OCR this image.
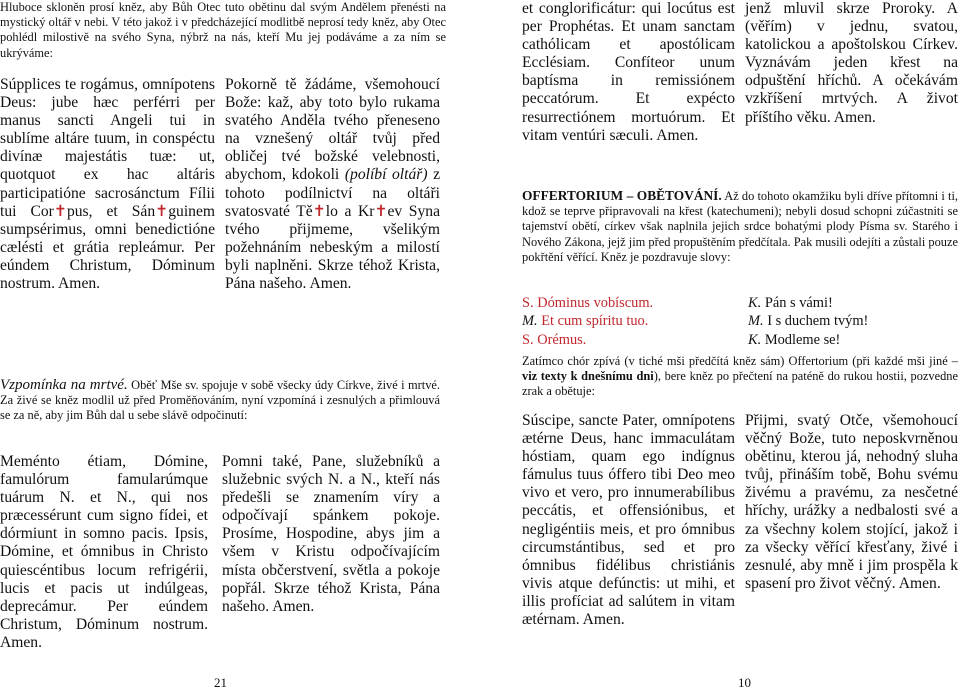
Hluboce skloněn prosí kněz, aby Bůh Otec tuto obětinu dal svým Andělem přenésti na mystický oltář v nebi. V této jakož i v předcházející modlitbě neprosí tedy kněz, aby Otec pohlédl milostivě na svého Syna, nýbrž na nás, kteří Mu jej podáváme a za ním se ukrýváme:

Súpplices te rogámus, omnípotens Deus: jube hæc perférri per manus sancti Angeli tui in sublíme altáre tuum, in conspéctu divínæ majestátis tuæ: ut, quotquot ex hac altáris participatióne sacrosánctum Fílii tui Cor✝pus, et Sán✝guinem sumpsérimus, omni benedictióne cælésti et grátia repleámur. Per eúndem Christum, Dóminum nostrum. Amen.
Pokorně tě žádáme, všemohoucí Bože: kaž, aby toto bylo rukama svatého Anděla tvého přeneseno na vznešený oltář tvůj před obličej tvé božské velebnosti, abychom, kdokoli (políbí oltář) z tohoto podílnictví na oltáři svatosvaté Tě✝lo a Kr✝ev Syna tvého přijmeme, všelikým požehnáním nebeským a milostí byli naplněni. Skrze téhož Krista, Pána našeho. Amen.

Vzpomínka na mrtvé. Oběť Mše sv. spojuje v sobě všecky údy Církve, živé i mrtvé. Za živé se kněz modlil už před Proměňováním, nyní vzpomíná i zesnulých a přimlouvá se za ně, aby jim Bůh dal u sebe slávě odpočinutí:

Meménto étiam, Dómine, famulórum famularúmque tuárum N. et N., qui nos præcessérunt cum signo fídei, et dórmiunt in somno pacis. Ipsis, Dómine, et ómnibus in Christo quiescéntibus locum refrigérii, lucis et pacis ut indúlgeas, deprecámur. Per eúndem Christum, Dóminum nostrum. Amen.
Pomni také, Pane, služebníků a služebnic svých N. a N., kteří nás předešli se znamením víry a odpočívají spánkem pokoje. Prosíme, Hospodine, abys jim a všem v Kristu odpočívajícím místa občerstvení, světla a pokoje popřál. Skrze téhož Krista, Pána našeho. Amen.
21
et conglorificátur: qui locútus est per Prophétas. Et unam sanctam cathólicam et apostólicam Ecclésiam. Confíteor unum baptísma in remissiónem peccatórum. Et expécto resurrectiónem mortuórum. Et vitam ventúri sæculi. Amen.
jenž mluvil skrze Proroky. A (věřím) v jednu, svatou, katolickou a apoštolskou Církev. Vyznávám jeden křest na odpuštění hříchů. A očekávám vzkříšení mrtvých. A život příštího věku. Amen.

OFFERTORIUM – OBĚTOVÁNÍ. Až do tohoto okamžiku byli dříve přítomni i ti, kdož se teprve připravovali na křest (katechumeni); nebyli dosud schopni zúčastniti se tajemství obětí, církev však naplnila jejich srdce bohatými plody Písma sv. Starého i Nového Zákona, jejž jim před propuštěním předčítala. Pak musili odejíti a zůstali pouze pokřtění věřící. Kněz je pozdravuje slovy:

S. Dóminus vobíscum.	K. Pán s vámi!
M. Et cum spíritu tuo.	M. I s duchem tvým!
S. Orémus.	K. Modleme se!

Zatímco chór zpívá (v tiché mši předčítá kněz sám) Offertorium (při každé mši jiné – viz texty k dnešnímu dni), bere kněz po přečtení na paténě do rukou hostii, pozvedne zrak a obětuje:

Súscipe, sancte Pater, omnípotens ætérne Deus, hanc immaculátam hóstiam, quam ego indígnus fámulus tuus óffero tibi Deo meo vivo et vero, pro innumerabílibus peccátis, et offensiónibus, et negligéntiis meis, et pro ómnibus circumstántibus, sed et pro ómnibus fidélibus christiánis vivis atque defúnctis: ut mihi, et illis profíciat ad salútem in vitam ætérnam. Amen.
Přijmi, svatý Otče, všemohoucí věčný Bože, tuto neposkvrněnou obětinu, kterou já, nehodný sluha tvůj, přináším tobě, Bohu svému živému a pravému, za nesčetné hříchy, urážky a nedbalosti své a za všechny kolem stojící, jakož i za všecky věřící křesťany, živé i zesnulé, aby mně i jim prospěla k spasení pro život věčný. Amen.
10
